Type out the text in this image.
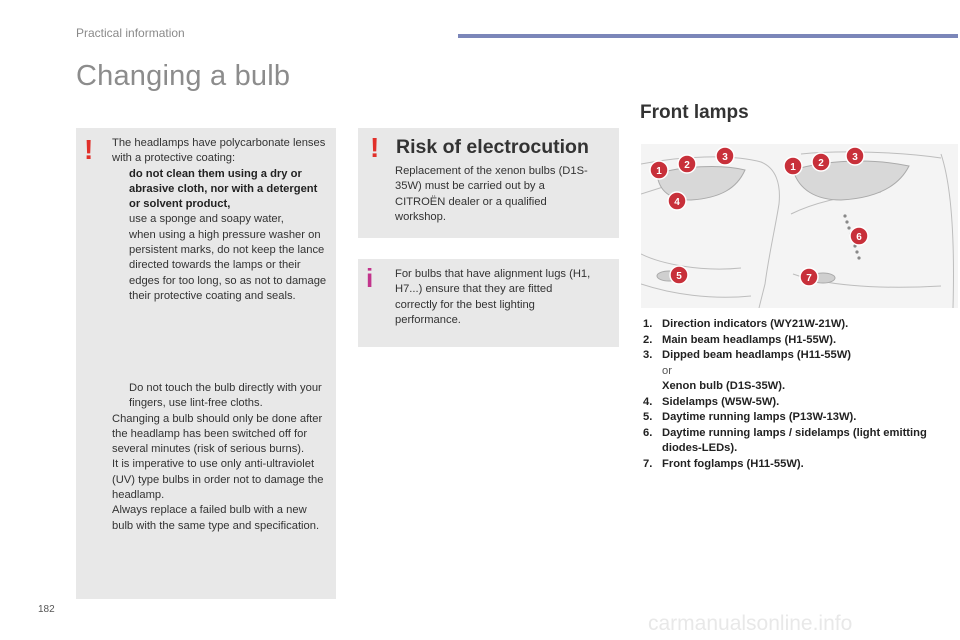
Practical information
Changing a bulb
! The headlamps have polycarbonate lenses with a protective coating:
do not clean them using a dry or abrasive cloth, nor with a detergent or solvent product,
use a sponge and soapy water,
when using a high pressure washer on persistent marks, do not keep the lance directed towards the lamps or their edges for too long, so as not to damage their protective coating and seals.
Do not touch the bulb directly with your fingers, use lint-free cloths.
Changing a bulb should only be done after the headlamp has been switched off for several minutes (risk of serious burns).
It is imperative to use only anti-ultraviolet (UV) type bulbs in order not to damage the headlamp.
Always replace a failed bulb with a new bulb with the same type and specification.
!
Replacement of the xenon bulbs (D1S-35W) must be carried out by a CITROËN dealer or a qualified workshop.
Risk of electrocution
i For bulbs that have alignment lugs (H1, H7...) ensure that they are fitted correctly for the best lighting performance.
Front lamps
1
2
3
4
5
1 2
3
6
7
1. Direction indicators (WY21W-21W).
2. Main beam headlamps (H1-55W).
3. Dipped beam headlamps (H11-55W)
or
Xenon bulb (D1S-35W).
4. Sidelamps (W5W-5W).
5. Daytime running lamps (P13W-13W).
6. Daytime running lamps / sidelamps (light emitting diodes-LEDs).
7. Front foglamps (H11-55W).
182
carmanualsonline.info
